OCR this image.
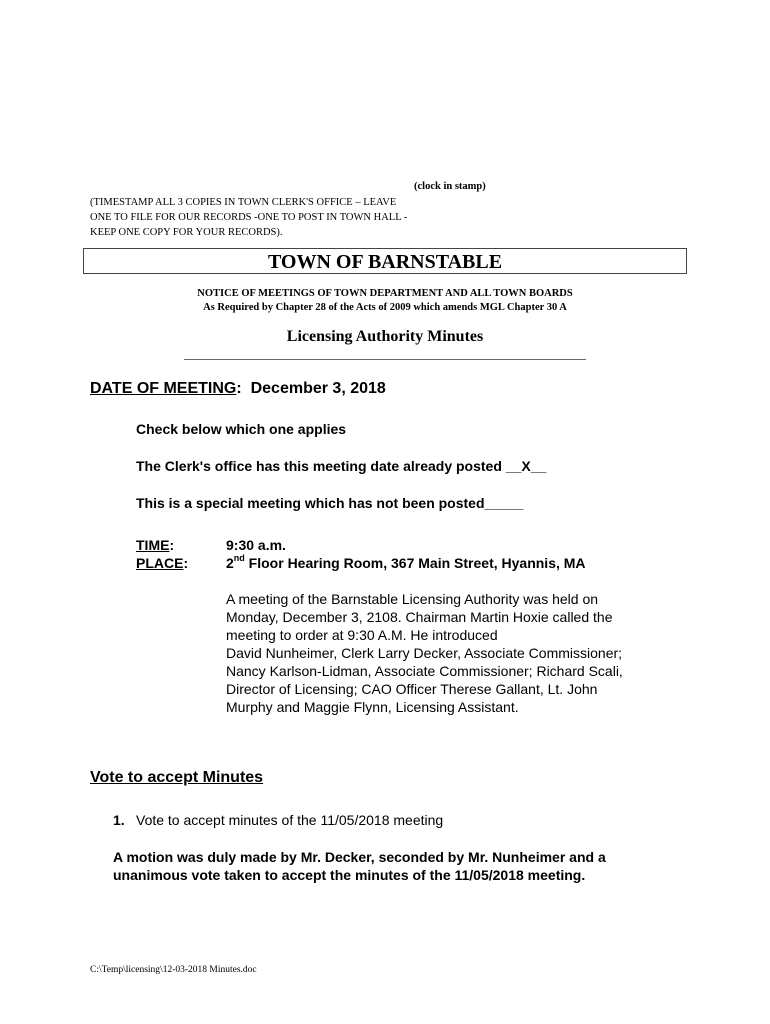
(clock in stamp)
(TIMESTAMP ALL 3 COPIES IN TOWN CLERK'S OFFICE – LEAVE ONE TO FILE FOR OUR RECORDS -ONE TO POST IN TOWN HALL - KEEP ONE COPY FOR YOUR RECORDS).
TOWN OF BARNSTABLE
NOTICE OF MEETINGS OF TOWN DEPARTMENT AND ALL TOWN BOARDS
As Required by Chapter 28 of the Acts of 2009 which amends MGL Chapter 30 A
Licensing Authority Minutes
DATE OF MEETING: December 3, 2018
Check below which one applies
The Clerk's office has this meeting date already posted __X__
This is a special meeting which has not been posted_____
TIME:
PLACE:
9:30 a.m.
2nd Floor Hearing Room, 367 Main Street, Hyannis, MA
A meeting of the Barnstable Licensing Authority was held on
Monday, December 3, 2108. Chairman Martin Hoxie called the
meeting to order at 9:30 A.M. He introduced
David Nunheimer, Clerk Larry Decker, Associate Commissioner;
Nancy Karlson-Lidman, Associate Commissioner; Richard Scali,
Director of Licensing; CAO Officer Therese Gallant, Lt. John
Murphy and Maggie Flynn, Licensing Assistant.
Vote to accept Minutes
1. Vote to accept minutes of the 11/05/2018 meeting
A motion was duly made by Mr. Decker, seconded by Mr. Nunheimer and a
unanimous vote taken to accept the minutes of the 11/05/2018 meeting.
C:\Temp\licensing\12-03-2018 Minutes.doc
